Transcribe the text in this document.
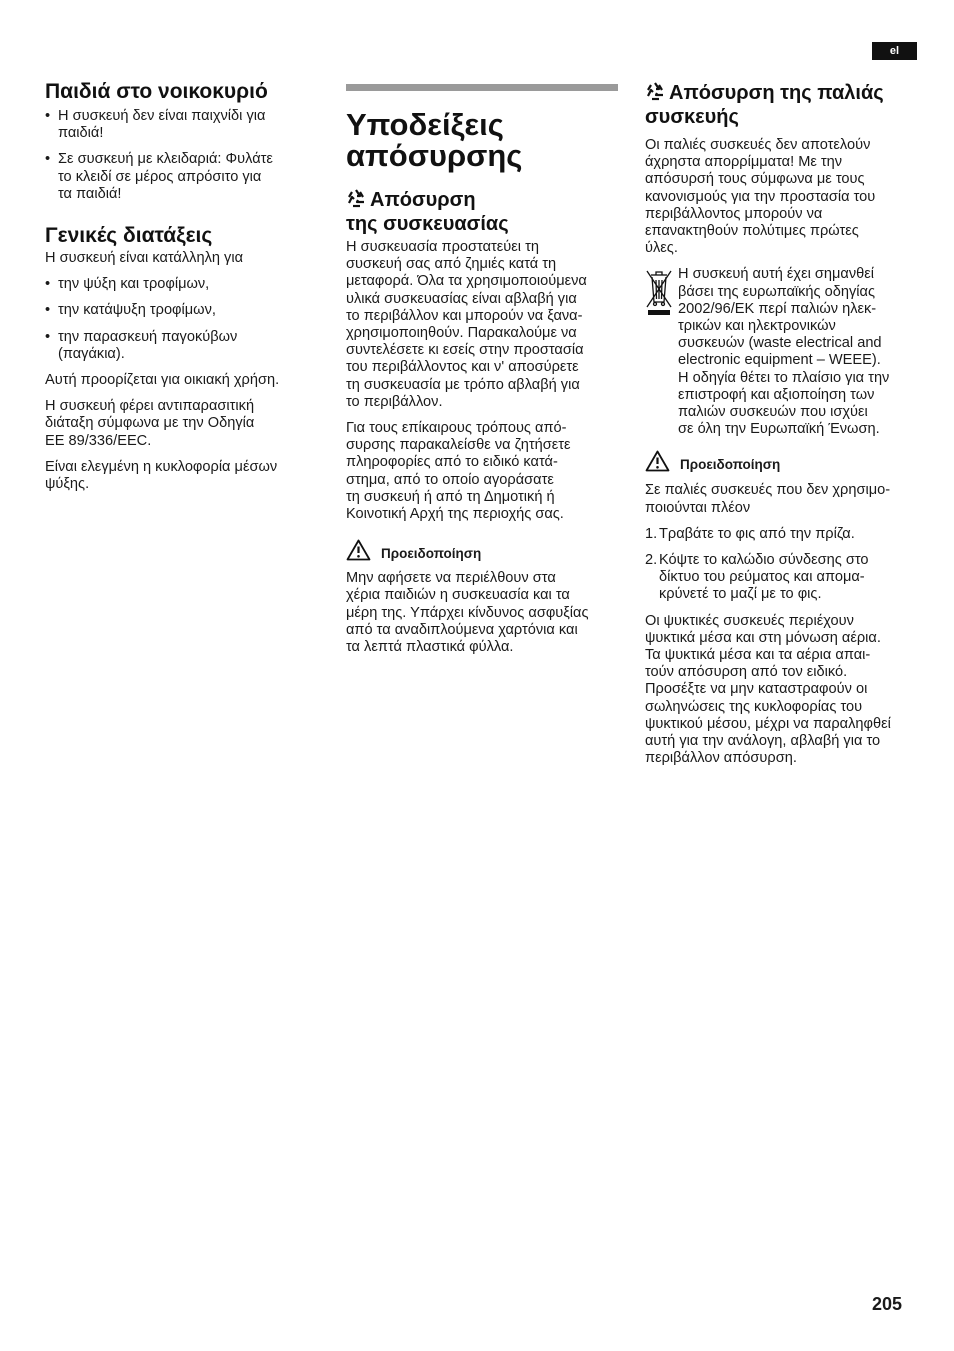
el
Παιδιά στο νοικοκυριό
• Η συσκευή δεν είναι παιχνίδι για
παιδιά!
• Σε συσκευή με κλειδαριά: Φυλάτε
το κλειδί σε μέρος απρόσιτο για
τα παιδιά!
Γενικές διατάξεις

Η συσκευή είναι κατάλληλη για

• την ψύξη και τροφίμων,
• την κατάψυξη τροφίμων,
• την παρασκευή παγοκύβων
(παγάκια).

Αυτή προορίζεται για οικιακή χρήση.

Η συσκευή φέρει αντιπαρασιτική
διάταξη σύμφωνα με την Οδηγία
EE 89/336/EEC.
Είναι ελεγμένη η κυκλοφορία μέσων
ψύξης.
Υποδείξεις
απόσυρσης
Απόσυρση
της συσκευασίας
Η συσκευασία προστατεύει τη
συσκευή σας από ζημιές κατά τη
μεταφορά. Όλα τα χρησιμοποιούμενα
υλικά συσκευασίας είναι αβλαβή για
το περιβάλλον και μπορούν να ξανα-
χρησιμοποιηθούν. Παρακαλούμε να
συντελέσετε κι εσείς στην προστασία
του περιβάλλοντος και ν' αποσύρετε
τη συσκευασία με τρόπο αβλαβή για
το περιβάλλον.
Για τους επίκαιρους τρόπους από-
συρσης παρακαλείσθε να ζητήσετε
πληροφορίες από το ειδικό κατά-
στημα, από το οποίο αγοράσατε
τη συσκευή ή από τη Δημοτική ή
Κοινοτική Αρχή της περιοχής σας.
Προειδοποίηση
Μην αφήσετε να περιέλθουν στα
χέρια παιδιών η συσκευασία και τα
μέρη της. Υπάρχει κίνδυνος ασφυξίας
από τα αναδιπλούμενα χαρτόνια και
τα λεπτά πλαστικά φύλλα.
Απόσυρση της παλιάς
συσκευής
Οι παλιές συσκευές δεν αποτελούν
άχρηστα απορρίμματα! Με την
απόσυρσή τους σύμφωνα με τους
κανονισμούς για την προστασία του
περιβάλλοντος μπορούν να
επανακτηθούν πολύτιμες πρώτες
ύλες.
Η συσκευή αυτή έχει σημανθεί
βάσει της ευρωπαϊκής οδηγίας
2002/96/ΕΚ περί παλιών ηλεκ-
τρικών και ηλεκτρονικών
συσκευών (waste electrical and
electronic equipment – WEEE).
Η οδηγία θέτει το πλαίσιο για την
επιστροφή και αξιοποίηση των
παλιών συσκευών που ισχύει
σε όλη την Ευρωπαϊκή Ένωση.
Προειδοποίηση
Σε παλιές συσκευές που δεν χρησιμο-
ποιούνται πλέον
1. Τραβάτε το φις από την πρίζα.
2. Κόψτε το καλώδιο σύνδεσης στο
δίκτυο του ρεύματος και απομα-
κρύνετέ το μαζί με το φις.
Οι ψυκτικές συσκευές περιέχουν
ψυκτικά μέσα και στη μόνωση αέρια.
Τα ψυκτικά μέσα και τα αέρια απαι-
τούν απόσυρση από τον ειδικό.
Προσέξτε να μην καταστραφούν οι
σωληνώσεις της κυκλοφορίας του
ψυκτικού μέσου, μέχρι να παραληφθεί
αυτή για την ανάλογη, αβλαβή για το
περιβάλλον απόσυρση.
205
